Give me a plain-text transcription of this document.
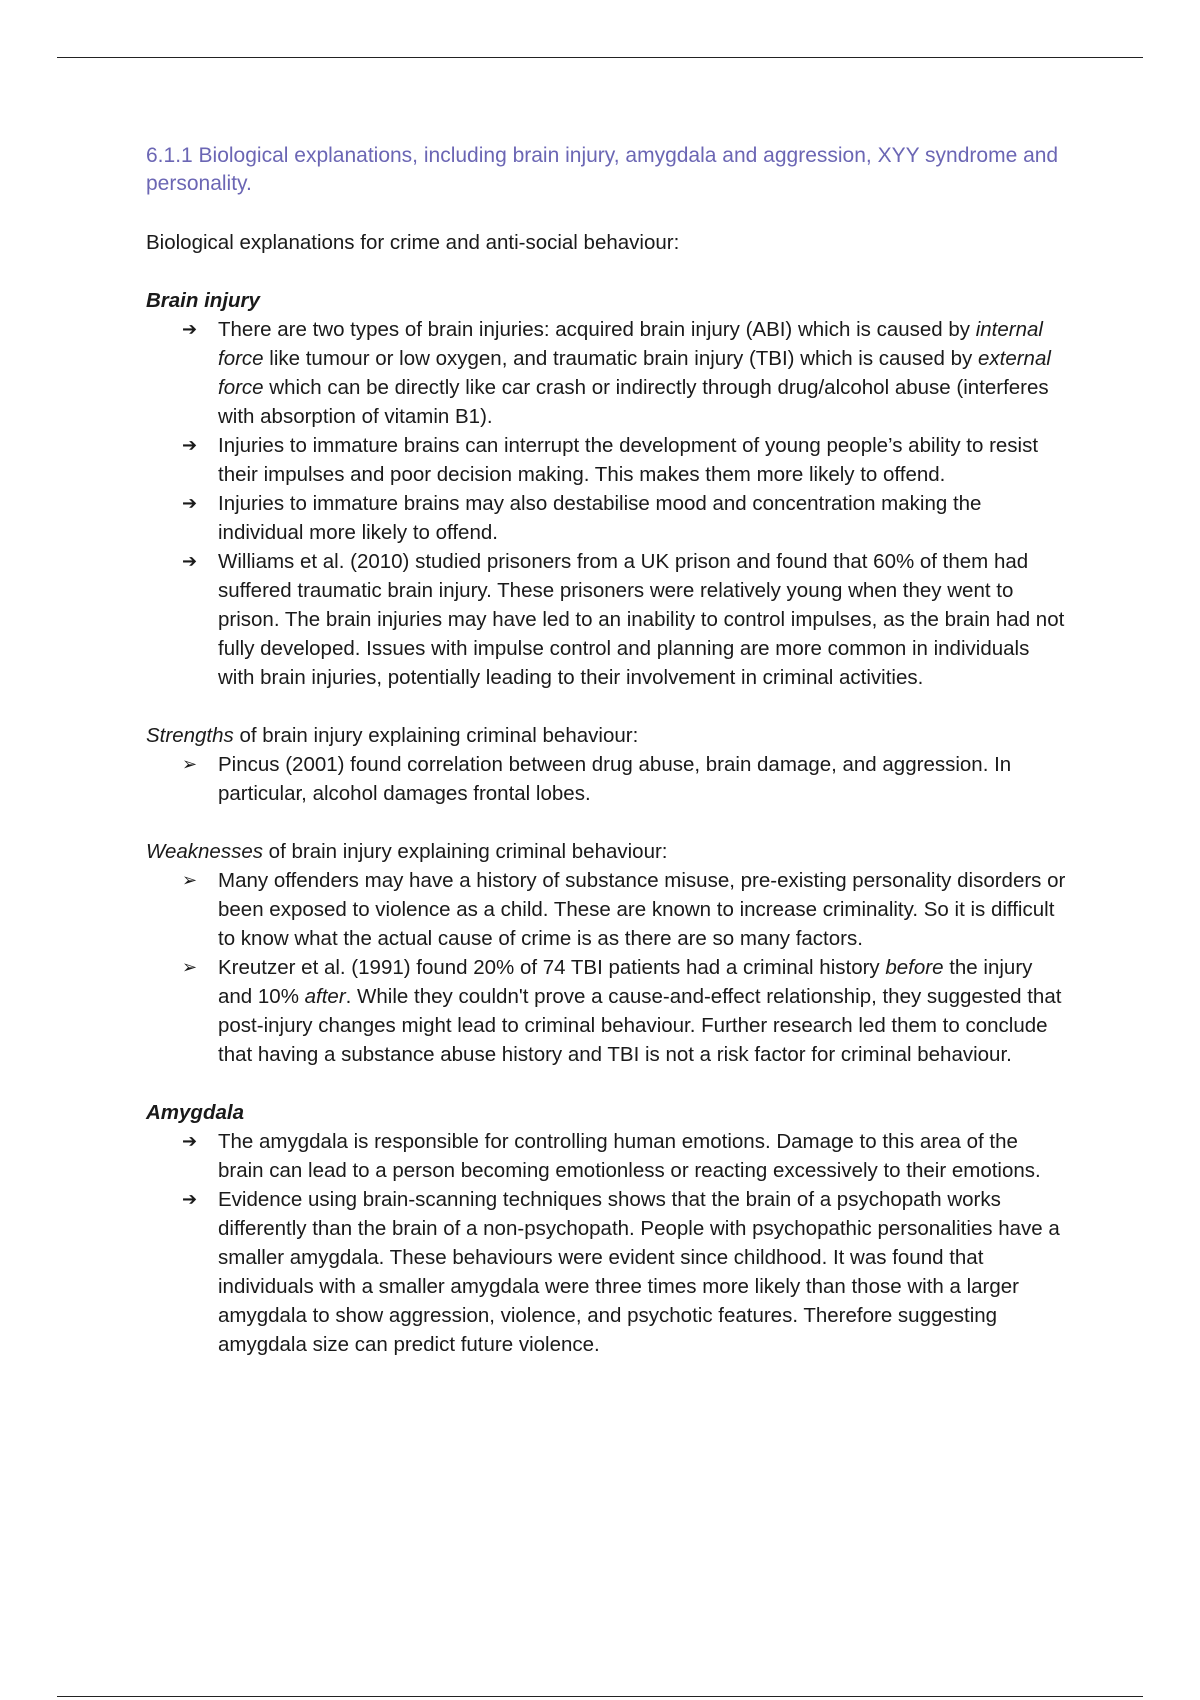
6.1.1 Biological explanations, including brain injury, amygdala and aggression, XYY syndrome and personality.

Biological explanations for crime and anti-social behaviour:

Brain injury

➔	There are two types of brain injuries: acquired brain injury (ABI) which is caused by internal force like tumour or low oxygen, and traumatic brain injury (TBI) which is caused by external force which can be directly like car crash or indirectly through drug/alcohol abuse (interferes with absorption of vitamin B1).
➔	Injuries to immature brains can interrupt the development of young people’s ability to resist their impulses and poor decision making. This makes them more likely to offend.
➔	Injuries to immature brains may also destabilise mood and concentration making the individual more likely to offend.
➔	Williams et al. (2010) studied prisoners from a UK prison and found that 60% of them had suffered traumatic brain injury. These prisoners were relatively young when they went to prison. The brain injuries may have led to an inability to control impulses, as the brain had not fully developed. Issues with impulse control and planning are more common in individuals with brain injuries, potentially leading to their involvement in criminal activities.

Strengths of brain injury explaining criminal behaviour:

➢	Pincus (2001) found correlation between drug abuse, brain damage, and aggression. In particular, alcohol damages frontal lobes.

Weaknesses of brain injury explaining criminal behaviour:

➢	Many offenders may have a history of substance misuse, pre-existing personality disorders or been exposed to violence as a child. These are known to increase criminality. So it is difficult to know what the actual cause of crime is as there are so many factors.
➢	Kreutzer et al. (1991) found 20% of 74 TBI patients had a criminal history before the injury and 10% after. While they couldn't prove a cause-and-effect relationship, they suggested that post-injury changes might lead to criminal behaviour. Further research led them to conclude that having a substance abuse history and TBI is not a risk factor for criminal behaviour.

Amygdala

➔	The amygdala is responsible for controlling human emotions. Damage to this area of the brain can lead to a person becoming emotionless or reacting excessively to their emotions.
➔	Evidence using brain-scanning techniques shows that the brain of a psychopath works differently than the brain of a non-psychopath. People with psychopathic personalities have a smaller amygdala. These behaviours were evident since childhood. It was found that individuals with a smaller amygdala were three times more likely than those with a larger amygdala to show aggression, violence, and psychotic features. Therefore suggesting amygdala size can predict future violence.
